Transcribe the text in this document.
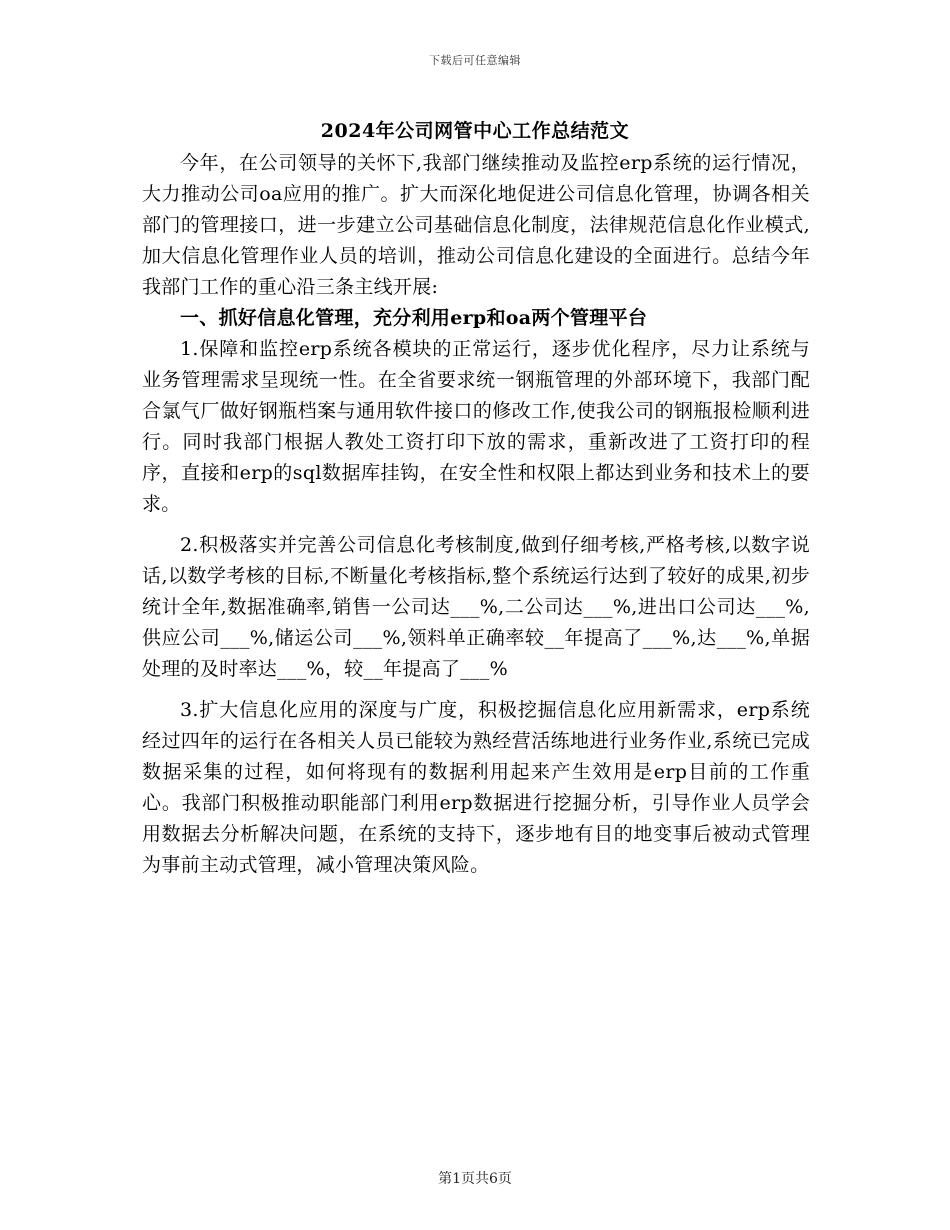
下载后可任意编辑
2024年公司网管中心工作总结范文

今年，在公司领导的关怀下,我部门继续推动及监控erp系统的运行情况，大力推动公司oa应用的推广。扩大而深化地促进公司信息化管理，协调各相关部门的管理接口，进一步建立公司基础信息化制度，法律规范信息化作业模式,加大信息化管理作业人员的培训，推动公司信息化建设的全面进行。总结今年我部门工作的重心沿三条主线开展:

一、抓好信息化管理，充分利用erp和oa两个管理平台

1.保障和监控erp系统各模块的正常运行，逐步优化程序，尽力让系统与业务管理需求呈现统一性。在全省要求统一钢瓶管理的外部环境下，我部门配合氯气厂做好钢瓶档案与通用软件接口的修改工作,使我公司的钢瓶报检顺利进行。同时我部门根据人教处工资打印下放的需求，重新改进了工资打印的程序，直接和erp的sql数据库挂钩，在安全性和权限上都达到业务和技术上的要求。

2.积极落实并完善公司信息化考核制度,做到仔细考核,严格考核,以数字说话,以数学考核的目标,不断量化考核指标,整个系统运行达到了较好的成果,初步统计全年,数据准确率,销售一公司达___%,二公司达___%,进出口公司达___%,供应公司___%,储运公司___%,领料单正确率较__年提高了___%,达___%,单据处理的及时率达___%，较__年提高了___%

3.扩大信息化应用的深度与广度，积极挖掘信息化应用新需求，erp系统经过四年的运行在各相关人员已能较为熟经营活练地进行业务作业,系统已完成数据采集的过程，如何将现有的数据利用起来产生效用是erp目前的工作重心。我部门积极推动职能部门利用erp数据进行挖掘分析，引导作业人员学会用数据去分析解决问题，在系统的支持下，逐步地有目的地变事后被动式管理为事前主动式管理，减小管理决策风险。

第1页共6页
